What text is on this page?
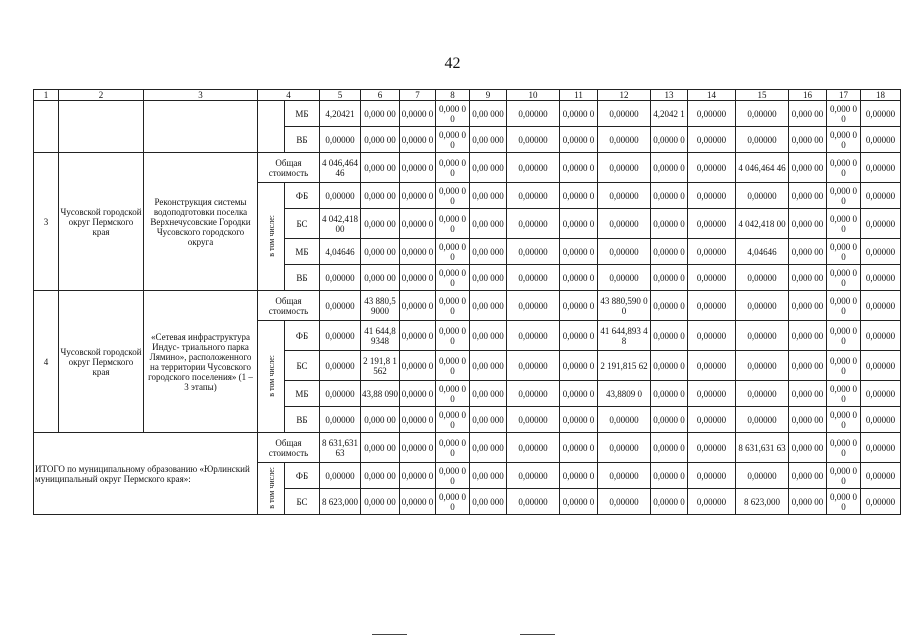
42
1	2	3	4		5	6	7	8	9	10	11	12	13	14	15	16	17	18
				МБ	4,20421	0,000 00	0,0000 0	0,000 00	0,00 000	0,00000	0,0000 0	0,00000	4,2042 1	0,00000	0,00000	0,000 00	0,000 00	0,00000
				ВБ	0,00000	0,000 00	0,0000 0	0,000 00	0,00 000	0,00000	0,0000 0	0,00000	0,0000 0	0,00000	0,00000	0,000 00	0,000 00	0,00000
3	Чусовской городской округ Пермского края	Реконструкция системы водоподготовки поселка Верхнечусовские Городки Чусовского городского округа	Общая стоимость		4 046,464 46	0,000 00	0,0000 0	0,000 00	0,00 000	0,00000	0,0000 0	0,00000	0,0000 0	0,00000	4 046,464 46	0,000 00	0,000 00	0,00000
			в том числе:	ФБ	0,00000	0,000 00	0,0000 0	0,000 00	0,00 000	0,00000	0,0000 0	0,00000	0,0000 0	0,00000	0,00000	0,000 00	0,000 00	0,00000
				БС	4 042,418 00	0,000 00	0,0000 0	0,000 00	0,00 000	0,00000	0,0000 0	0,00000	0,0000 0	0,00000	4 042,418 00	0,000 00	0,000 00	0,00000
				МБ	4,04646	0,000 00	0,0000 0	0,000 00	0,00 000	0,00000	0,0000 0	0,00000	0,0000 0	0,00000	4,04646	0,000 00	0,000 00	0,00000
				ВБ	0,00000	0,000 00	0,0000 0	0,000 00	0,00 000	0,00000	0,0000 0	0,00000	0,0000 0	0,00000	0,00000	0,000 00	0,000 00	0,00000
4	Чусовской городской округ Пермского края	«Сетевая инфраструктура Индус- триального парка Лямино», расположенного на территории Чусовского городского поселения» (1 – 3 этапы)	Общая стоимость		0,00000	43 880,5 9000	0,0000 0	0,000 00	0,00 000	0,00000	0,0000 0	43 880,590 00	0,0000 0	0,00000	0,00000	0,000 00	0,000 00	0,00000
			в том числе:	ФБ	0,00000	41 644,8 9348	0,0000 0	0,000 00	0,00 000	0,00000	0,0000 0	41 644,893 48	0,0000 0	0,00000	0,00000	0,000 00	0,000 00	0,00000
				БС	0,00000	2 191,8 1562	0,0000 0	0,000 00	0,00 000	0,00000	0,0000 0	2 191,815 62	0,0000 0	0,00000	0,00000	0,000 00	0,000 00	0,00000
				МБ	0,00000	43,88 090	0,0000 0	0,000 00	0,00 000	0,00000	0,0000 0	43,8809 0	0,0000 0	0,00000	0,00000	0,000 00	0,000 00	0,00000
				ВБ	0,00000	0,000 00	0,0000 0	0,000 00	0,00 000	0,00000	0,0000 0	0,00000	0,0000 0	0,00000	0,00000	0,000 00	0,000 00	0,00000
ИТОГО по муниципальному образованию «Юрлинский муниципальный округ Пермского края»:			Общая стоимость		8 631,631 63	0,000 00	0,0000 0	0,000 00	0,00 000	0,00000	0,0000 0	0,00000	0,0000 0	0,00000	8 631,631 63	0,000 00	0,000 00	0,00000
			в том числе:	ФБ	0,00000	0,000 00	0,0000 0	0,000 00	0,00 000	0,00000	0,0000 0	0,00000	0,0000 0	0,00000	0,00000	0,000 00	0,000 00	0,00000
				БС	8 623,000	0,000 00	0,0000 0	0,000 00	0,00 000	0,00000	0,0000 0	0,00000	0,0000 0	0,00000	8 623,000	0,000 00	0,000 00	0,00000
